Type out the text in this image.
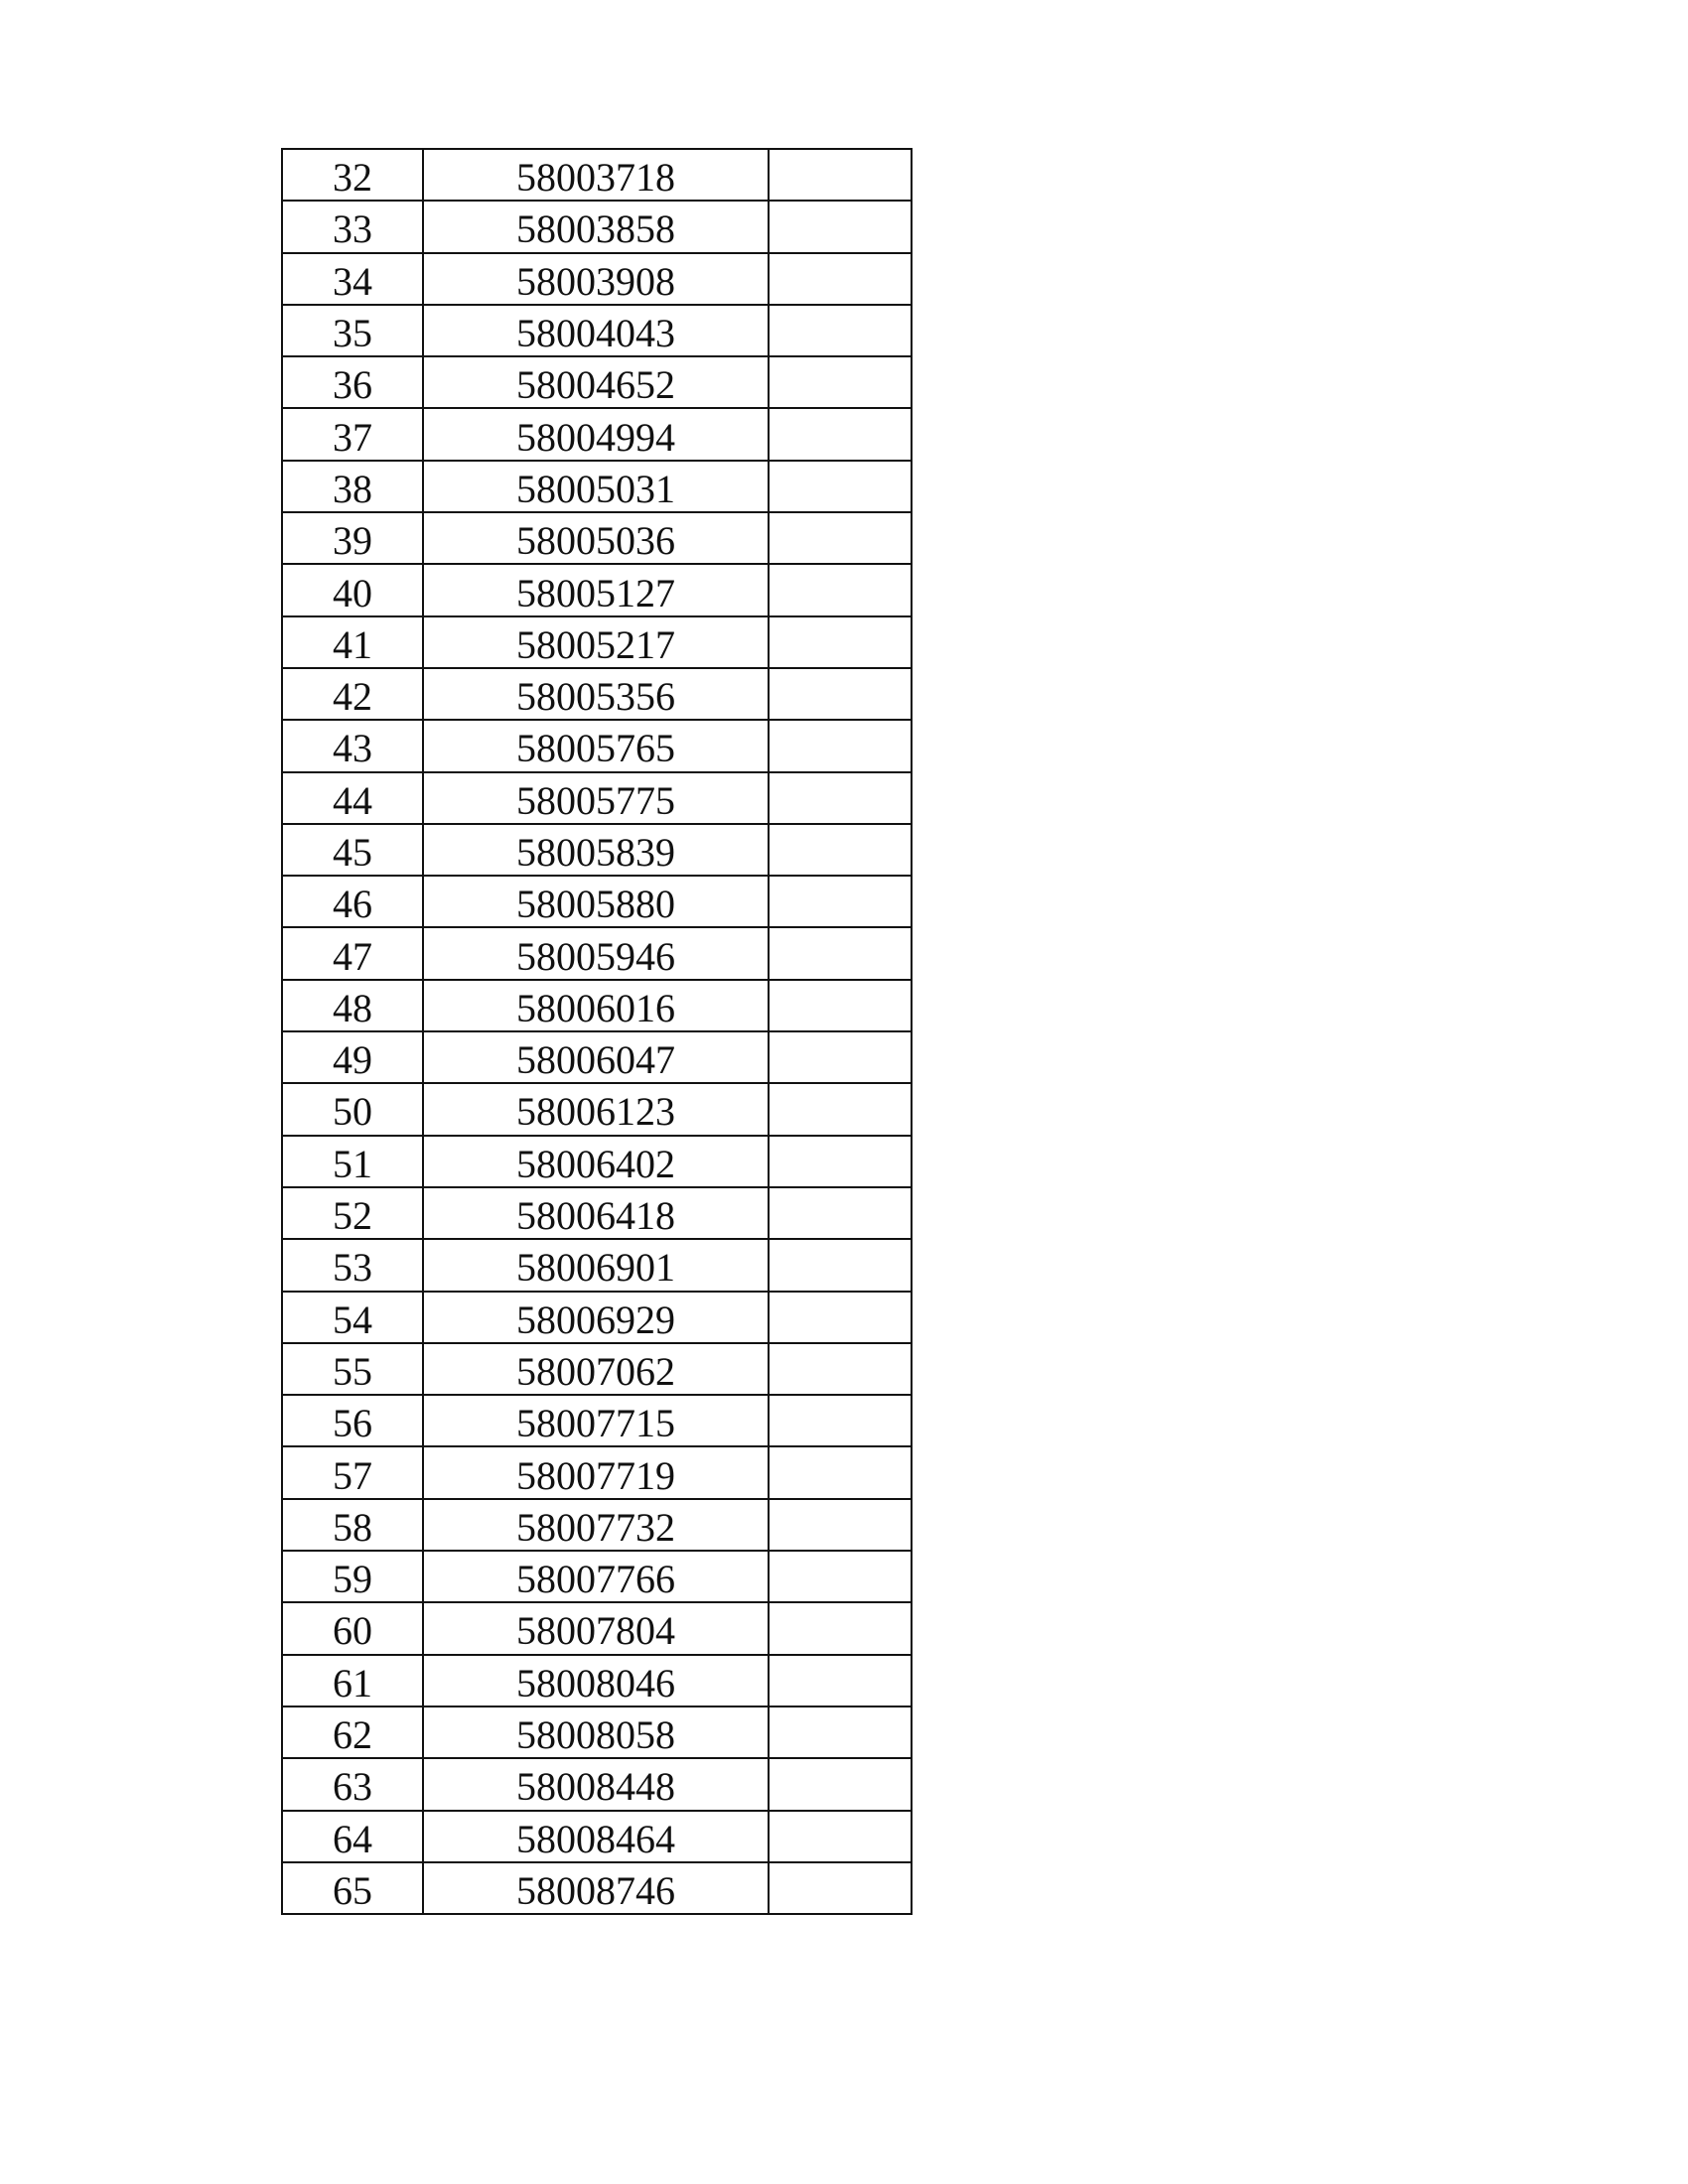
32	58003718	
33	58003858	
34	58003908	
35	58004043	
36	58004652	
37	58004994	
38	58005031	
39	58005036	
40	58005127	
41	58005217	
42	58005356	
43	58005765	
44	58005775	
45	58005839	
46	58005880	
47	58005946	
48	58006016	
49	58006047	
50	58006123	
51	58006402	
52	58006418	
53	58006901	
54	58006929	
55	58007062	
56	58007715	
57	58007719	
58	58007732	
59	58007766	
60	58007804	
61	58008046	
62	58008058	
63	58008448	
64	58008464	
65	58008746	
